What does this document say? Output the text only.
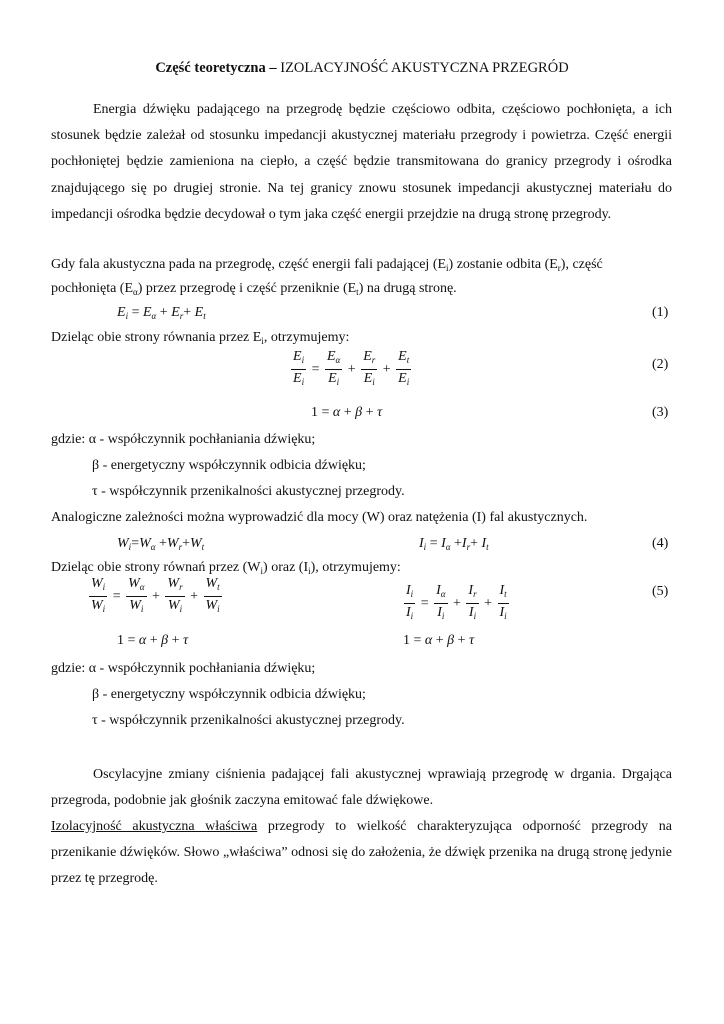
Część teoretyczna – IZOLACYJNOŚĆ AKUSTYCZNA PRZEGRÓD

Energia dźwięku padającego na przegrodę będzie częściowo odbita, częściowo pochłonięta, a ich stosunek będzie zależał od stosunku impedancji akustycznej materiału przegrody i powietrza. Część energii pochłoniętej będzie zamieniona na ciepło, a część będzie transmitowana do granicy przegrody i ośrodka znajdującego się po drugiej stronie. Na tej granicy znowu stosunek impedancji akustycznej materiału do impedancji ośrodka będzie decydował o tym jaka część energii przejdzie na drugą stronę przegrody.

Gdy fala akustyczna pada na przegrodę, część energii fali padającej $(E_i)$ zostanie odbita $(E_r)$, część
pochłonięta $(E_\alpha)$ przez przegrodę i część przeniknie $(E_t)$ na drugą stronę.
$E_i = E_\alpha + E_r+ E_t$	(1)
Dzieląc obie strony równania przez $E_i$, otrzymujemy:
$\frac{E_i}{E_i} = \frac{E_\alpha}{E_i} + \frac{E_r}{E_i} + \frac{E_t}{E_i}$	(2)
1 = α + β + τ	(3)
gdzie: α - współczynnik pochłaniania dźwięku;
β - energetyczny współczynnik odbicia dźwięku;
τ - współczynnik przenikalności akustycznej przegrody.
Analogiczne zależności można wyprowadzić dla mocy (W) oraz natężenia (I) fal akustycznych.
$W_i=W_\alpha +W_r+W_t$	$I_i = I_\alpha +I_r+ I_t$	(4)
Dzieląc obie strony równań przez $(W_i)$ oraz $(I_i)$, otrzymujemy:
$\frac{W_i}{W_i} = \frac{W_\alpha}{W_i} + \frac{W_r}{W_i} + \frac{W_t}{W_i}$	$\frac{I_i}{I_i} = \frac{I_\alpha}{I_i} + \frac{I_r}{I_i} + \frac{I_t}{I_i}$	(5)
1 = α + β + τ	1 = α + β + τ
gdzie: α - współczynnik pochłaniania dźwięku;
β - energetyczny współczynnik odbicia dźwięku;
τ - współczynnik przenikalności akustycznej przegrody.

Oscylacyjne zmiany ciśnienia padającej fali akustycznej wprawiają przegrodę w drgania. Drgająca przegroda, podobnie jak głośnik zaczyna emitować fale dźwiękowe.

Izolacyjność akustyczna właściwa przegrody to wielkość charakteryzująca odporność przegrody na przenikanie dźwięków. Słowo „właściwa” odnosi się do założenia, że dźwięk przenika na drugą stronę jedynie przez tę przegrodę.
